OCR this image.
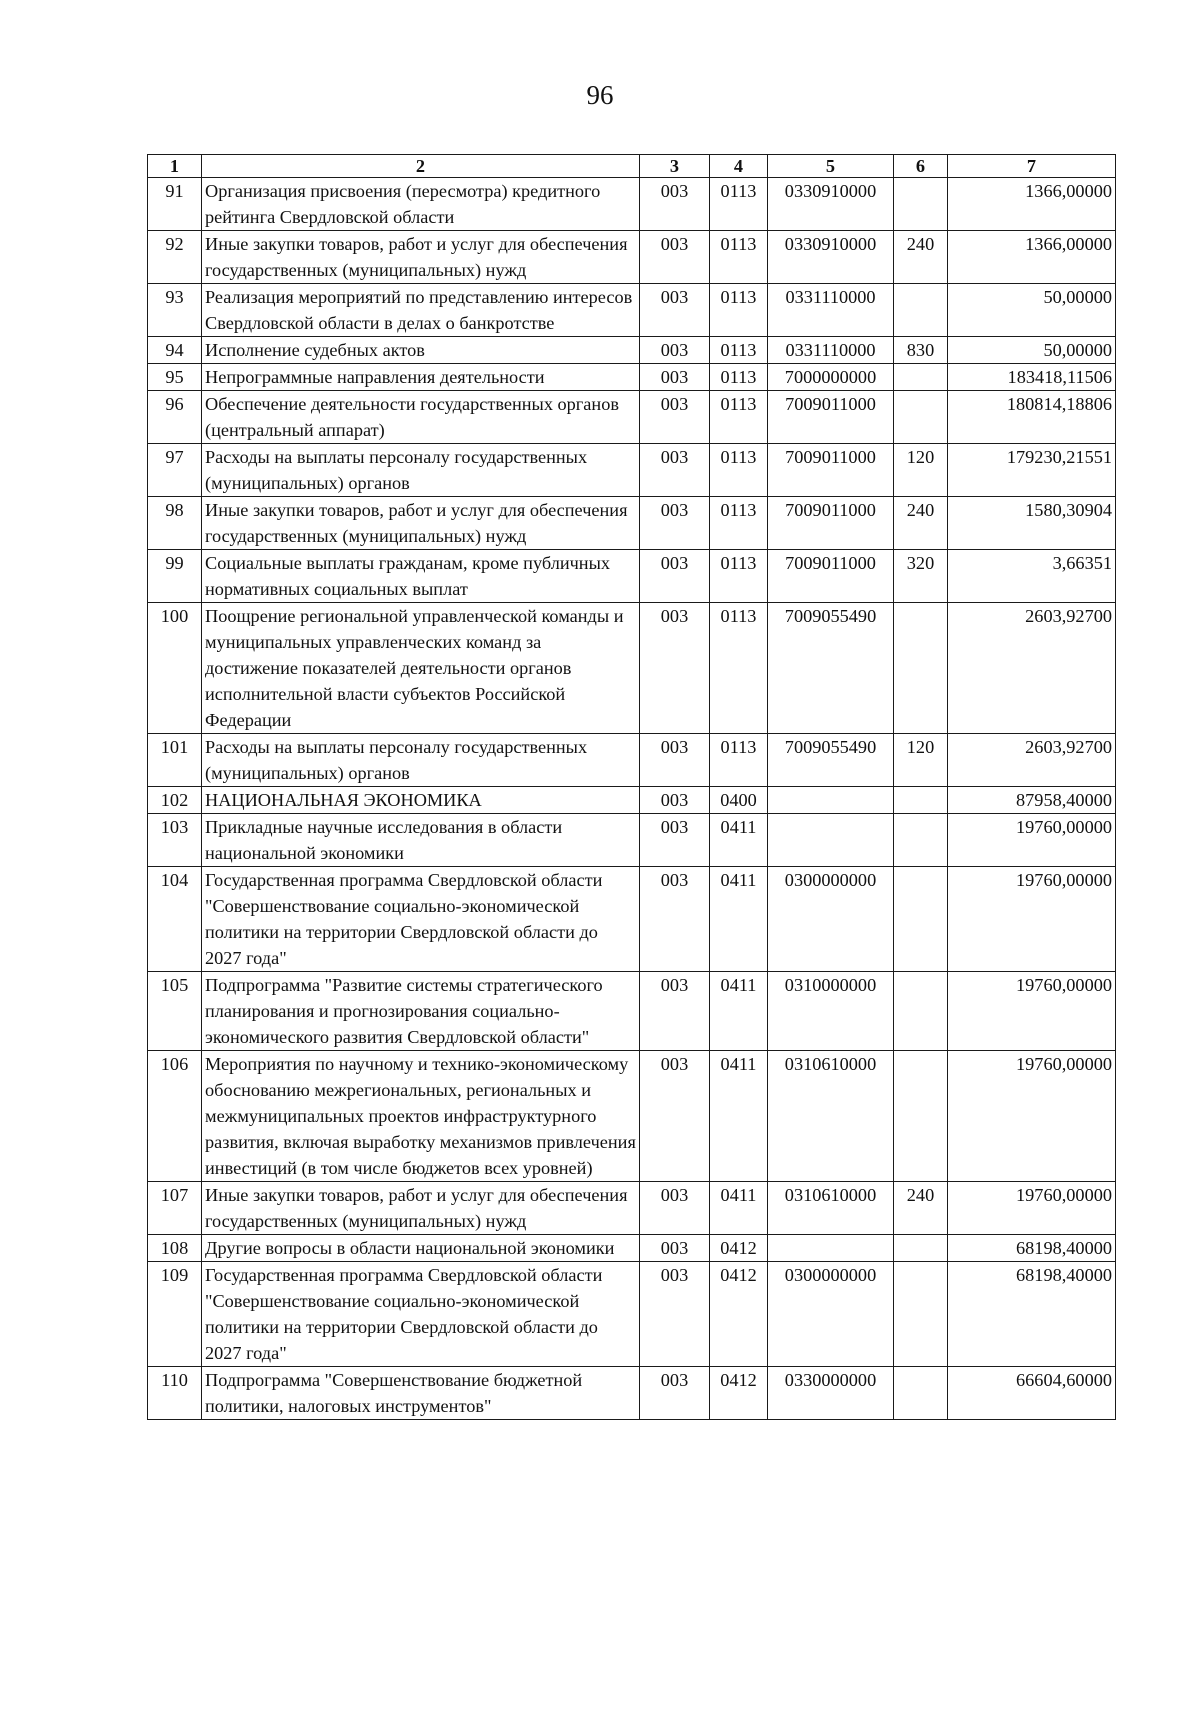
96
1	2	3	4	5	6	7
91	Организация присвоения (пересмотра) кредитного рейтинга Свердловской области	003	0113	0330910000		1366,00000
92	Иные закупки товаров, работ и услуг для обеспечения государственных (муниципальных) нужд	003	0113	0330910000	240	1366,00000
93	Реализация мероприятий по представлению интересов Свердловской области в делах о банкротстве	003	0113	0331110000		50,00000
94	Исполнение судебных актов	003	0113	0331110000	830	50,00000
95	Непрограммные направления деятельности	003	0113	7000000000		183418,11506
96	Обеспечение деятельности государственных органов (центральный аппарат)	003	0113	7009011000		180814,18806
97	Расходы на выплаты персоналу государственных (муниципальных) органов	003	0113	7009011000	120	179230,21551
98	Иные закупки товаров, работ и услуг для обеспечения государственных (муниципальных) нужд	003	0113	7009011000	240	1580,30904
99	Социальные выплаты гражданам, кроме публичных нормативных социальных выплат	003	0113	7009011000	320	3,66351
100	Поощрение региональной управленческой команды и муниципальных управленческих команд за достижение показателей деятельности органов исполнительной власти субъектов Российской Федерации	003	0113	7009055490		2603,92700
101	Расходы на выплаты персоналу государственных (муниципальных) органов	003	0113	7009055490	120	2603,92700
102	НАЦИОНАЛЬНАЯ ЭКОНОМИКА	003	0400			87958,40000
103	Прикладные научные исследования в области национальной экономики	003	0411			19760,00000
104	Государственная программа Свердловской области "Совершенствование социально-экономической политики на территории Свердловской области до 2027 года"	003	0411	0300000000		19760,00000
105	Подпрограмма "Развитие системы стратегического планирования и прогнозирования социально-экономического развития Свердловской области"	003	0411	0310000000		19760,00000
106	Мероприятия по научному и технико-экономическому обоснованию межрегиональных, региональных и межмуниципальных проектов инфраструктурного развития, включая выработку механизмов привлечения инвестиций (в том числе бюджетов всех уровней)	003	0411	0310610000		19760,00000
107	Иные закупки товаров, работ и услуг для обеспечения государственных (муниципальных) нужд	003	0411	0310610000	240	19760,00000
108	Другие вопросы в области национальной экономики	003	0412			68198,40000
109	Государственная программа Свердловской области "Совершенствование социально-экономической политики на территории Свердловской области до 2027 года"	003	0412	0300000000		68198,40000
110	Подпрограмма "Совершенствование бюджетной политики, налоговых инструментов"	003	0412	0330000000		66604,60000
